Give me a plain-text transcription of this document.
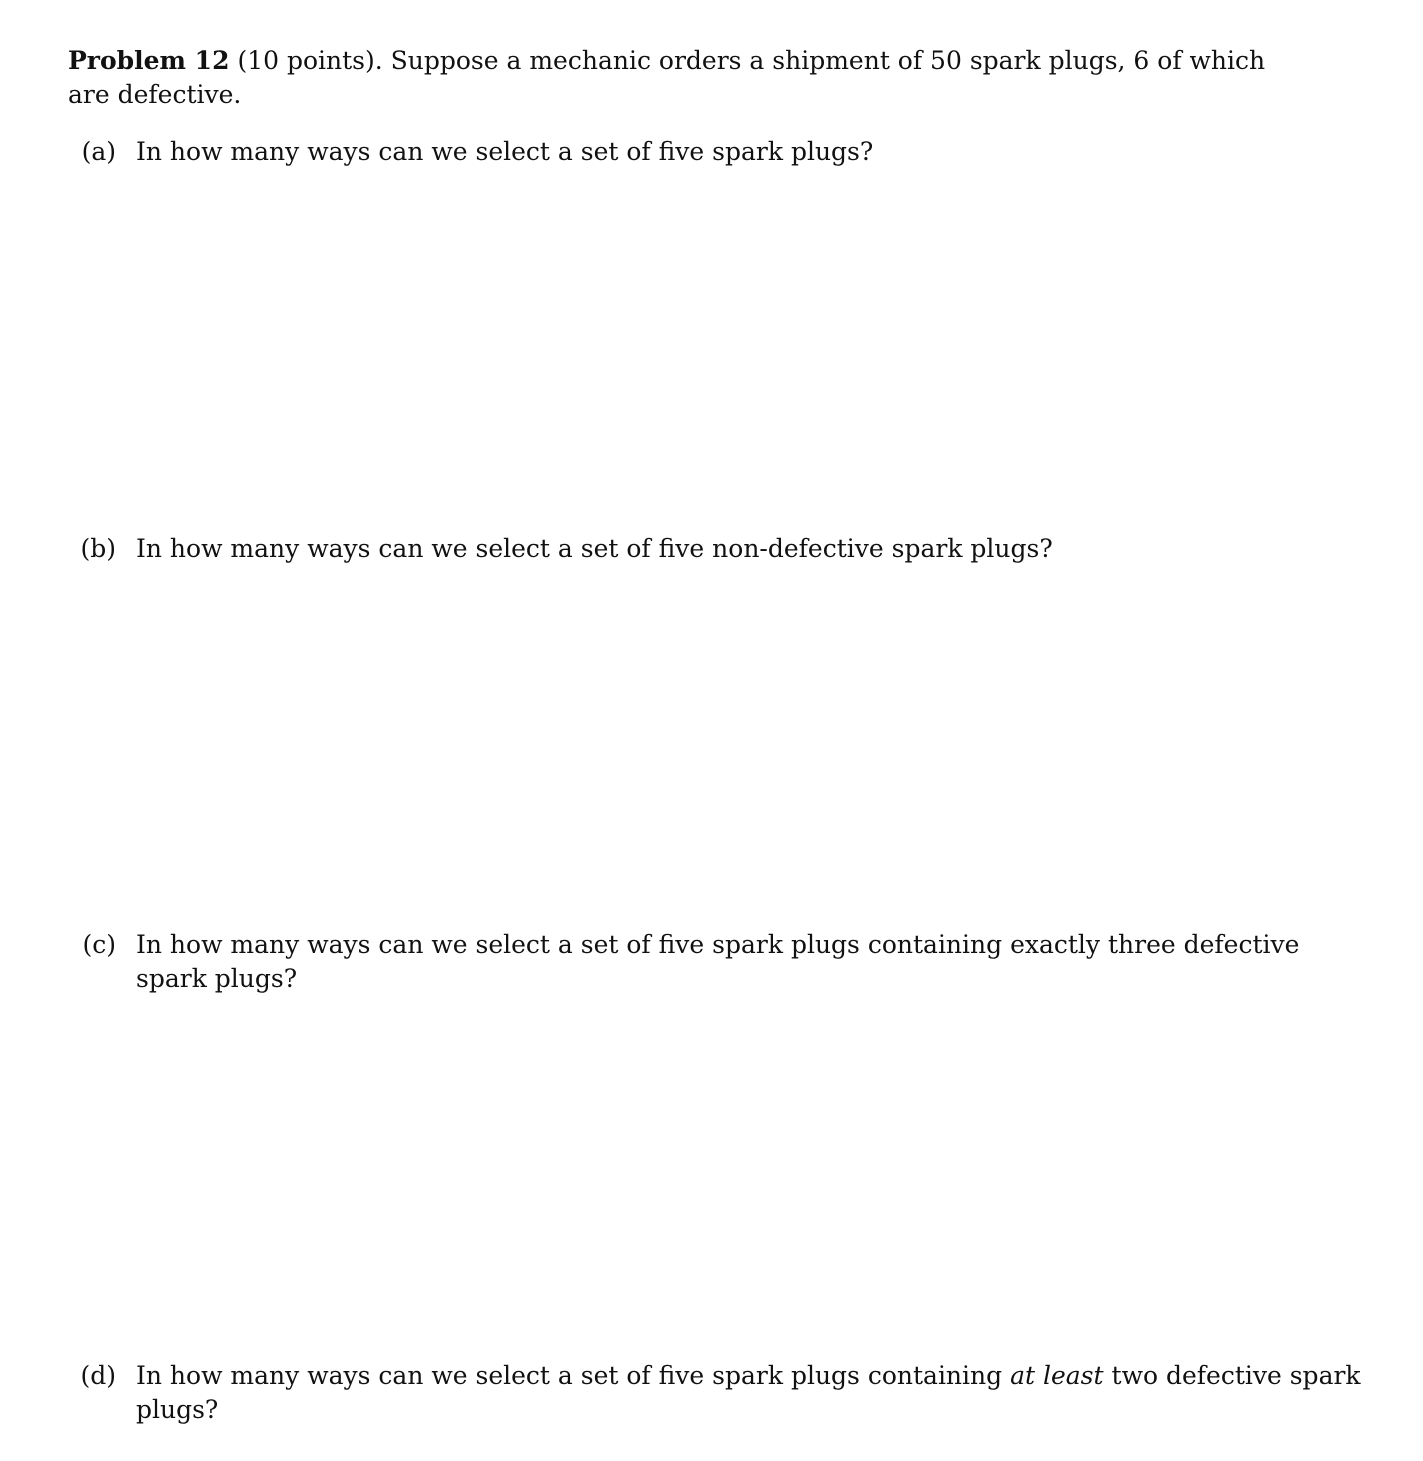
Problem 12 (10 points). Suppose a mechanic orders a shipment of 50 spark plugs, 6 of which are defective.
(a) In how many ways can we select a set of five spark plugs?
(b) In how many ways can we select a set of five non-defective spark plugs?
(c) In how many ways can we select a set of five spark plugs containing exactly three defective spark plugs?
(d) In how many ways can we select a set of five spark plugs containing at least two defective spark plugs?
